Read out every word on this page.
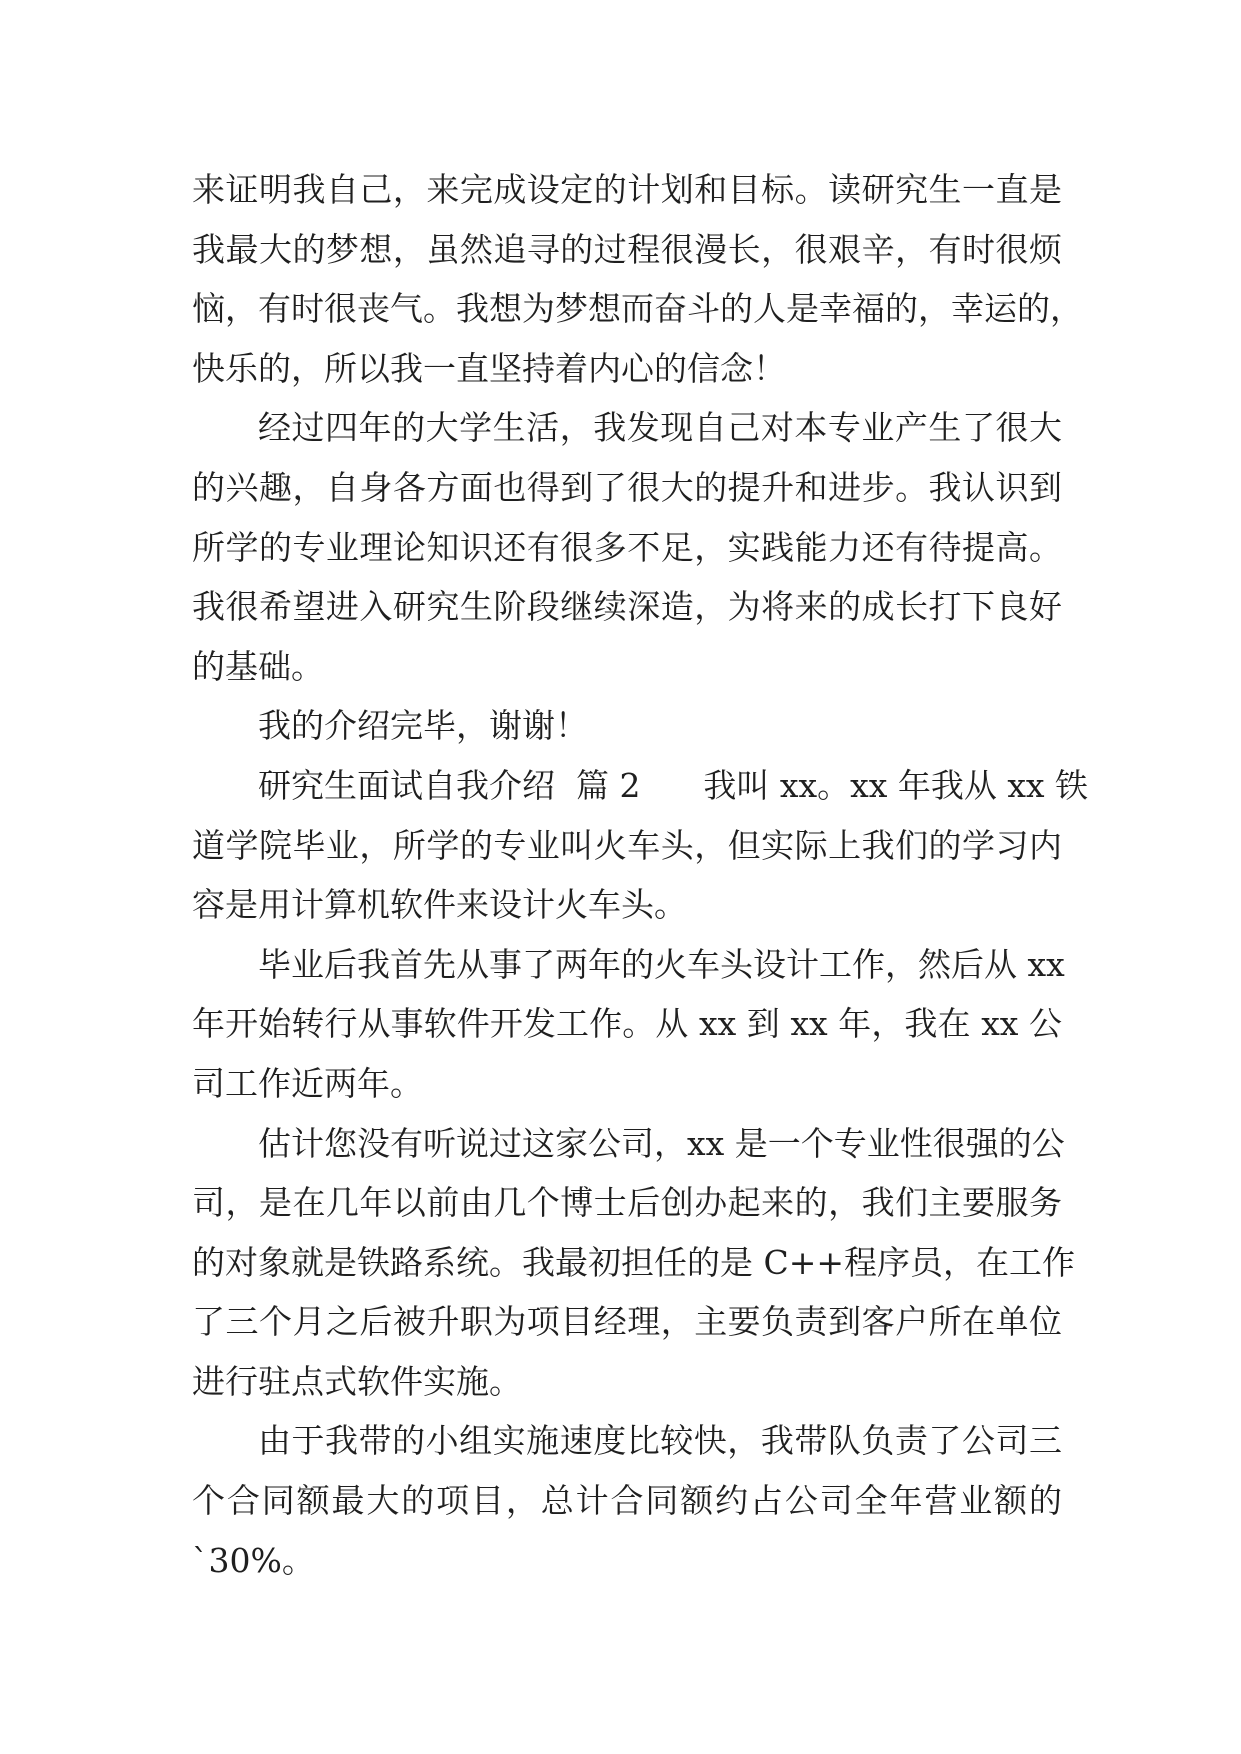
来证明我自己，来完成设定的计划和目标。读研究生一直是
我最大的梦想，虽然追寻的过程很漫长，很艰辛，有时很烦
恼，有时很丧气。我想为梦想而奋斗的人是幸福的，幸运的，
快乐的，所以我一直坚持着内心的信念！
经过四年的大学生活，我发现自己对本专业产生了很大
的兴趣，自身各方面也得到了很大的提升和进步。我认识到
所学的专业理论知识还有很多不足，实践能力还有待提高。
我很希望进入研究生阶段继续深造，为将来的成长打下良好
的基础。
我的介绍完毕，谢谢！
研究生面试自我介绍  篇 2      我叫 xx。xx 年我从 xx 铁
道学院毕业，所学的专业叫火车头，但实际上我们的学习内
容是用计算机软件来设计火车头。
毕业后我首先从事了两年的火车头设计工作，然后从 xx
年开始转行从事软件开发工作。从 xx 到 xx 年，我在 xx 公
司工作近两年。
估计您没有听说过这家公司，xx 是一个专业性很强的公
司，是在几年以前由几个博士后创办起来的，我们主要服务
的对象就是铁路系统。我最初担任的是 C++程序员，在工作
了三个月之后被升职为项目经理，主要负责到客户所在单位
进行驻点式软件实施。
由于我带的小组实施速度比较快，我带队负责了公司三
个合同额最大的项目，总计合同额约占公司全年营业额的
`30%。
